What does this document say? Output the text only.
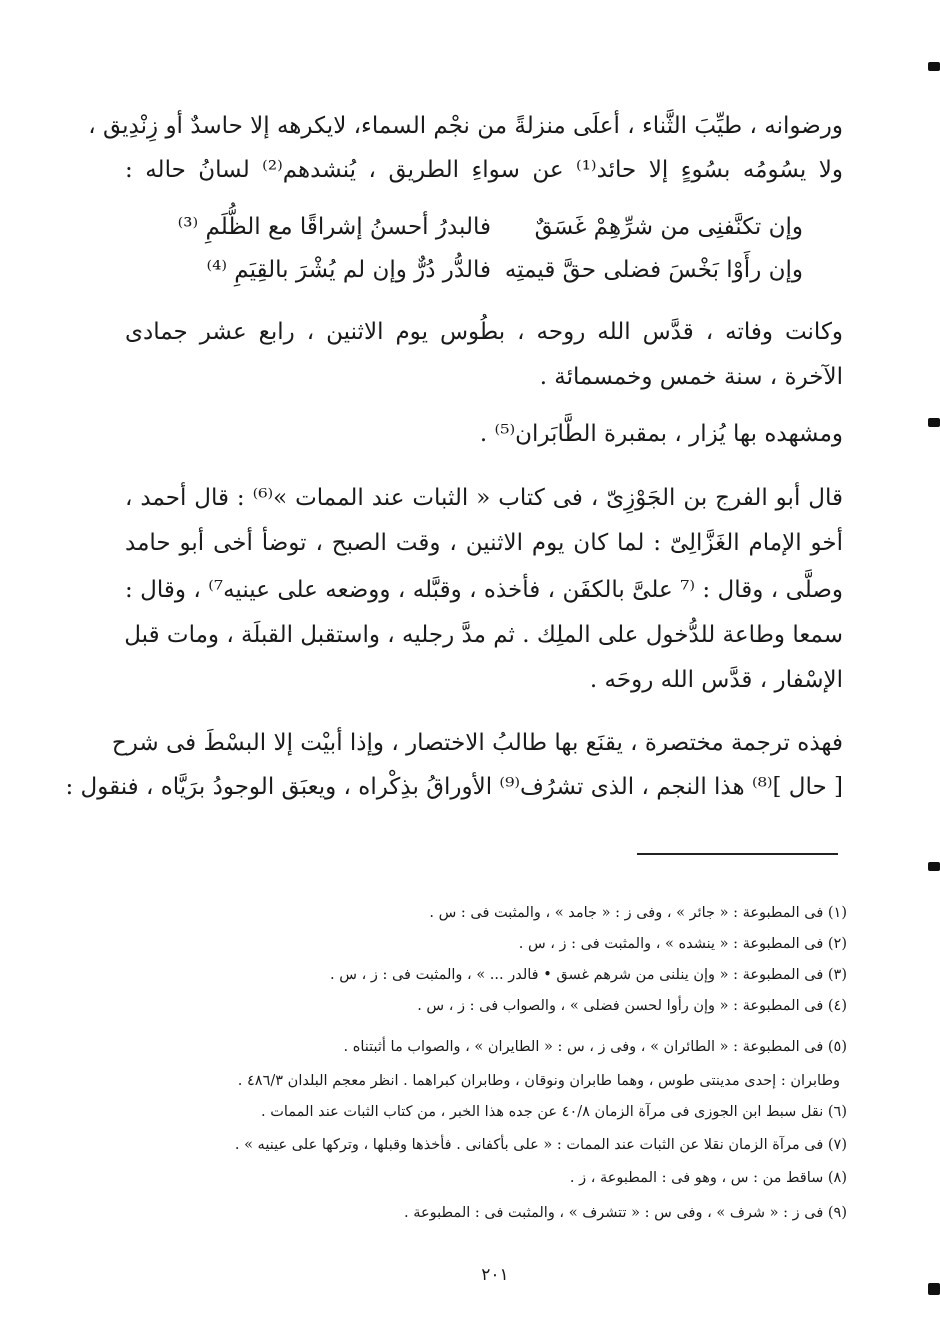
ورضوانه ، طيِّبَ الثَّناء ، أعلَى منزلةً من نجْم السماء، لايكرهه إلا حاسدٌ أو زِنْدِيق ،
ولا يسُومُه بسُوءٍ إلا حائد⁽¹⁾ عن سواءِ الطريق ، يُنشدهم⁽²⁾ لسانُ حاله :
وإن تكنَّفنِى من شرِّهِمْ غَسَقٌ
فالبدرُ أحسنُ إشراقًا مع الظُّلَمِ ⁽³⁾
وإن رأَوْا بَخْسَ فضلى حقَّ قيمتِه
فالدُّر دُرٌّ وإن لم يُشْرَ بالقِيَمِ ⁽⁴⁾
وكانت وفاته ، قدَّس الله روحه ، بطُوس يوم الاثنين ، رابع عشر جمادى
الآخرة ، سنة خمس وخمسمائة .
ومشهده بها يُزار ، بمقبرة الطَّابَران⁽⁵⁾ .
قال أبو الفرج بن الجَوْزِىّ ، فى كتاب « الثبات عند الممات »⁽⁶⁾ : قال أحمد ،
أخو الإمام الغَزَّالِىّ : لما كان يوم الاثنين ، وقت الصبح ، توضأ أخى أبو حامد
وصلَّى ، وقال : ⁽⁷ علىَّ بالكفَن ، فأخذه ، وقبَّله ، ووضعه على عينيه⁷⁾ ، وقال :
سمعا وطاعة للدُّخول على الملِك . ثم مدَّ رجليه ، واستقبل القبلَة ، ومات قبل
الإسْفار ، قدَّس الله روحَه .
فهذه ترجمة مختصرة ، يقنَع بها طالبُ الاختصار ، وإذا أبيْت إلا البسْطَ فى شرح
[ حال ]⁽⁸⁾ هذا النجم ، الذى تشرُف⁽⁹⁾ الأوراقُ بذِكْراه ، ويعبَق الوجودُ برَيَّاه ، فنقول :
(١) فى المطبوعة : « جائر » ، وفى ز : « جامد » ، والمثبت فى : س .
(٢) فى المطبوعة : « ينشده » ، والمثبت فى : ز ، س .
(٣) فى المطبوعة : « وإن ينلنى من شرهم غسق • فالدر ... » ، والمثبت فى : ز ، س .
(٤) فى المطبوعة : « وإن رأوا لحسن فضلى » ، والصواب فى : ز ، س .
(٥) فى المطبوعة : « الطائران » ، وفى ز ، س : « الطايران » ، والصواب ما أثبتناه .
وطابران : إحدى مدينتى طوس ، وهما طابران ونوقان ، وطابران كبراهما . انظر معجم البلدان ٤٨٦/٣ .
(٦) نقل سبط ابن الجوزى فى مرآة الزمان ٤٠/٨ عن جده هذا الخبر ، من كتاب الثبات عند الممات .
(٧) فى مرآة الزمان نقلا عن الثبات عند الممات : « على بأكفانى . فأخذها وقبلها ، وتركها على عينيه » .
(٨) ساقط من : س ، وهو فى : المطبوعة ، ز .
(٩) فى ز : « شرف » ، وفى س : « تتشرف » ، والمثبت فى : المطبوعة .
٢٠١
